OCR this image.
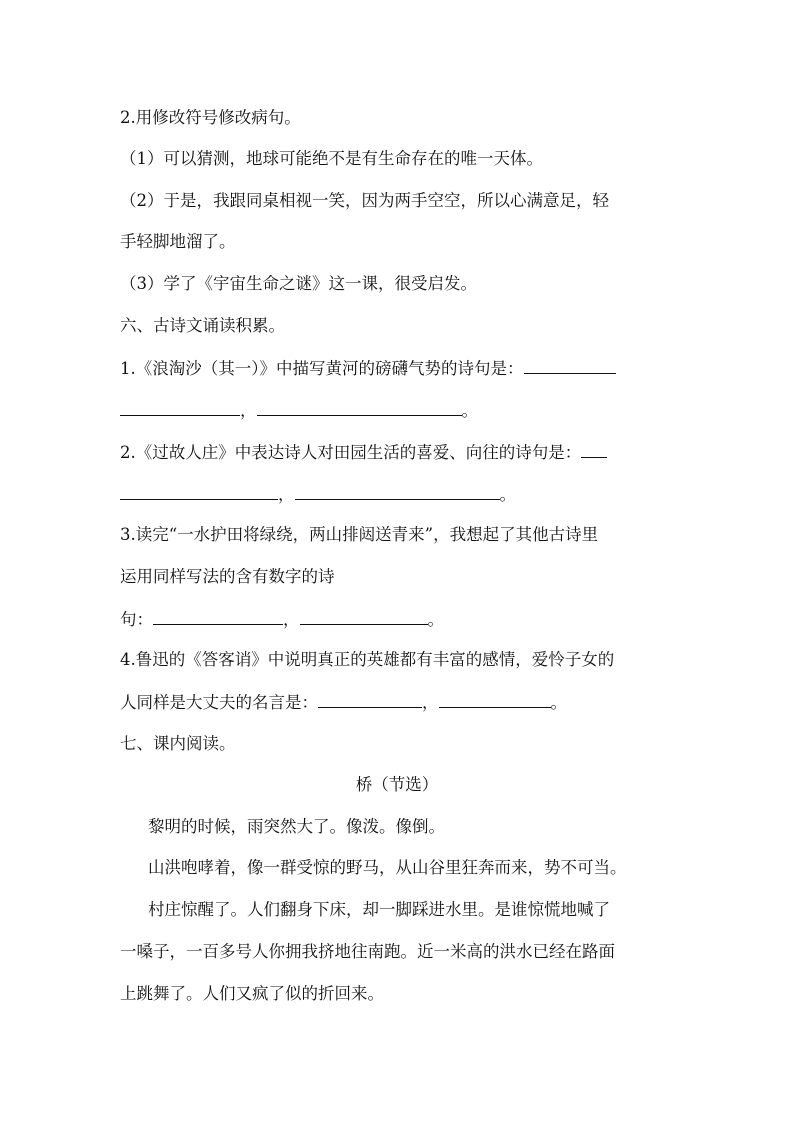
2.用修改符号修改病句。
（1）可以猜测，地球可能绝不是有生命存在的唯一天体。
（2）于是，我跟同桌相视一笑，因为两手空空，所以心满意足，轻
手轻脚地溜了。
（3）学了《宇宙生命之谜》这一课，很受启发。
六、古诗文诵读积累。
1.《浪淘沙（其一）》中描写黄河的磅礴气势的诗句是：
，	。
2.《过故人庄》中表达诗人对田园生活的喜爱、向往的诗句是：
，	。
3.读完“一水护田将绿绕，两山排闼送青来”，我想起了其他古诗里
运用同样写法的含有数字的诗
句：	，	。
4.鲁迅的《答客诮》中说明真正的英雄都有丰富的感情，爱怜子女的
人同样是大丈夫的名言是：	，	。
七、课内阅读。
桥（节选）
黎明的时候，雨突然大了。像泼。像倒。
山洪咆哮着，像一群受惊的野马，从山谷里狂奔而来，势不可当。
村庄惊醒了。人们翻身下床，却一脚踩进水里。是谁惊慌地喊了
一嗓子，一百多号人你拥我挤地往南跑。近一米高的洪水已经在路面
上跳舞了。人们又疯了似的折回来。
